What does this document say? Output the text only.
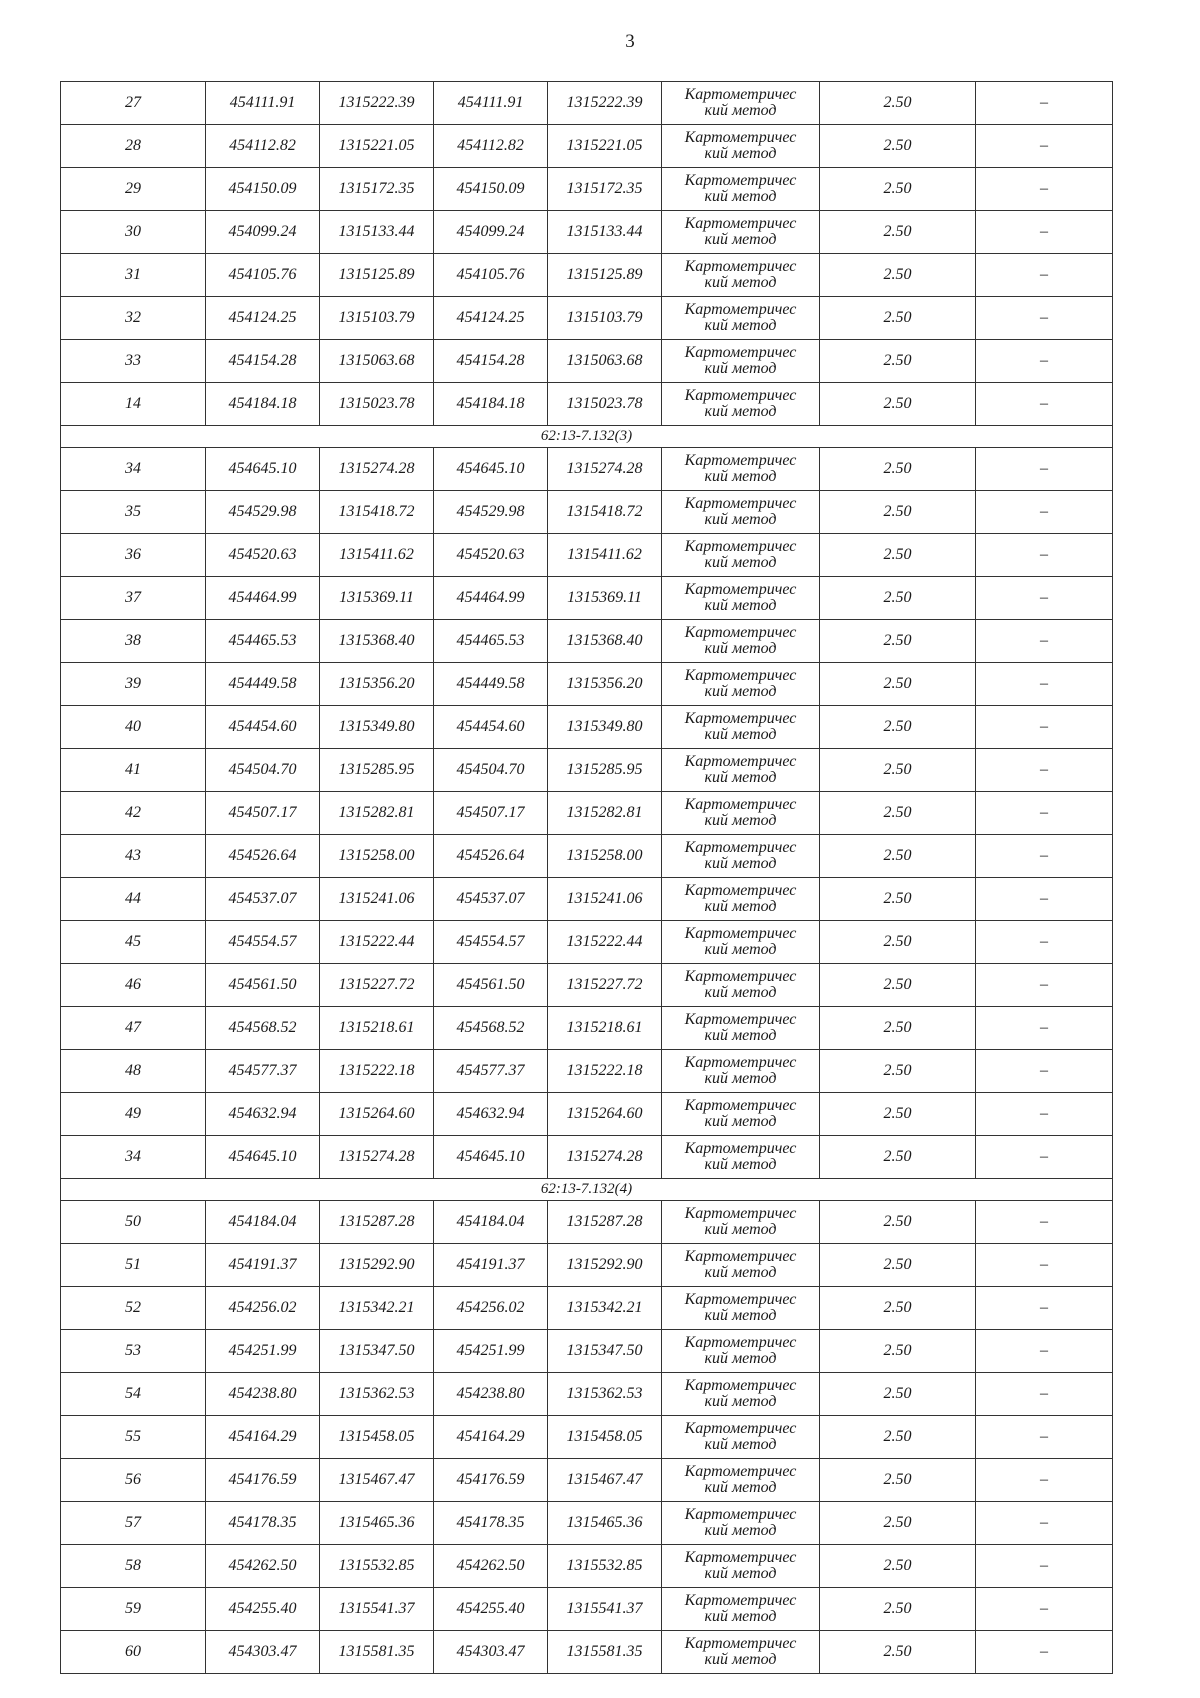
3
27	454111.91	1315222.39	454111.91	1315222.39	Картометричес
кий метод	2.50	–
28	454112.82	1315221.05	454112.82	1315221.05	Картометричес
кий метод	2.50	–
29	454150.09	1315172.35	454150.09	1315172.35	Картометричес
кий метод	2.50	–
30	454099.24	1315133.44	454099.24	1315133.44	Картометричес
кий метод	2.50	–
31	454105.76	1315125.89	454105.76	1315125.89	Картометричес
кий метод	2.50	–
32	454124.25	1315103.79	454124.25	1315103.79	Картометричес
кий метод	2.50	–
33	454154.28	1315063.68	454154.28	1315063.68	Картометричес
кий метод	2.50	–
14	454184.18	1315023.78	454184.18	1315023.78	Картометричес
кий метод	2.50	–
62:13-7.132(3)							
34	454645.10	1315274.28	454645.10	1315274.28	Картометричес
кий метод	2.50	–
35	454529.98	1315418.72	454529.98	1315418.72	Картометричес
кий метод	2.50	–
36	454520.63	1315411.62	454520.63	1315411.62	Картометричес
кий метод	2.50	–
37	454464.99	1315369.11	454464.99	1315369.11	Картометричес
кий метод	2.50	–
38	454465.53	1315368.40	454465.53	1315368.40	Картометричес
кий метод	2.50	–
39	454449.58	1315356.20	454449.58	1315356.20	Картометричес
кий метод	2.50	–
40	454454.60	1315349.80	454454.60	1315349.80	Картометричес
кий метод	2.50	–
41	454504.70	1315285.95	454504.70	1315285.95	Картометричес
кий метод	2.50	–
42	454507.17	1315282.81	454507.17	1315282.81	Картометричес
кий метод	2.50	–
43	454526.64	1315258.00	454526.64	1315258.00	Картометричес
кий метод	2.50	–
44	454537.07	1315241.06	454537.07	1315241.06	Картометричес
кий метод	2.50	–
45	454554.57	1315222.44	454554.57	1315222.44	Картометричес
кий метод	2.50	–
46	454561.50	1315227.72	454561.50	1315227.72	Картометричес
кий метод	2.50	–
47	454568.52	1315218.61	454568.52	1315218.61	Картометричес
кий метод	2.50	–
48	454577.37	1315222.18	454577.37	1315222.18	Картометричес
кий метод	2.50	–
49	454632.94	1315264.60	454632.94	1315264.60	Картометричес
кий метод	2.50	–
34	454645.10	1315274.28	454645.10	1315274.28	Картометричес
кий метод	2.50	–
62:13-7.132(4)							
50	454184.04	1315287.28	454184.04	1315287.28	Картометричес
кий метод	2.50	–
51	454191.37	1315292.90	454191.37	1315292.90	Картометричес
кий метод	2.50	–
52	454256.02	1315342.21	454256.02	1315342.21	Картометричес
кий метод	2.50	–
53	454251.99	1315347.50	454251.99	1315347.50	Картометричес
кий метод	2.50	–
54	454238.80	1315362.53	454238.80	1315362.53	Картометричес
кий метод	2.50	–
55	454164.29	1315458.05	454164.29	1315458.05	Картометричес
кий метод	2.50	–
56	454176.59	1315467.47	454176.59	1315467.47	Картометричес
кий метод	2.50	–
57	454178.35	1315465.36	454178.35	1315465.36	Картометричес
кий метод	2.50	–
58	454262.50	1315532.85	454262.50	1315532.85	Картометричес
кий метод	2.50	–
59	454255.40	1315541.37	454255.40	1315541.37	Картометричес
кий метод	2.50	–
60	454303.47	1315581.35	454303.47	1315581.35	Картометричес
кий метод	2.50	–
